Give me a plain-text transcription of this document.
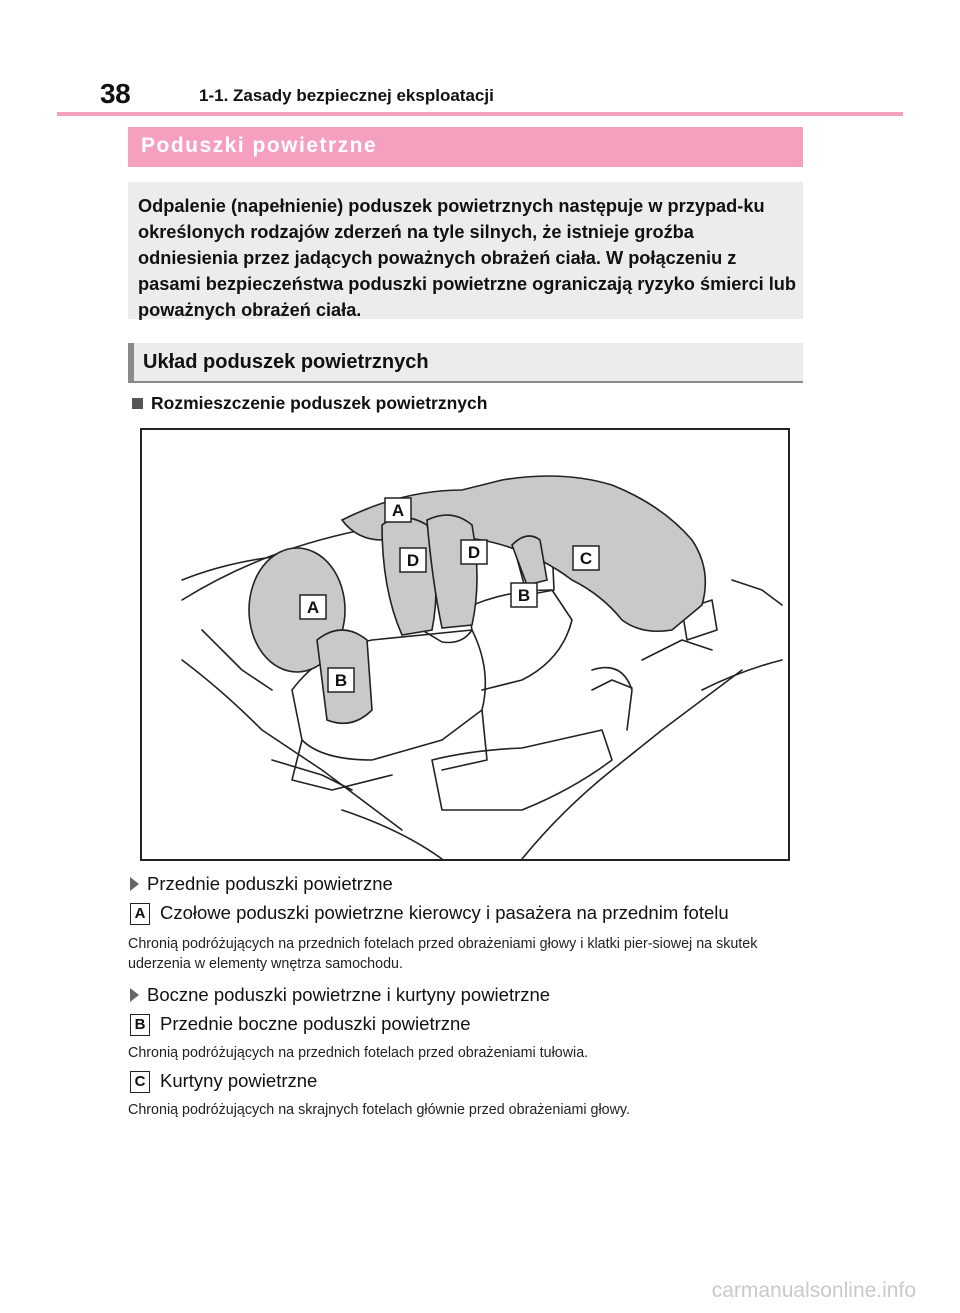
38	1-1. Zasady bezpiecznej eksploatacji
Poduszki powietrzne

Odpalenie (napełnienie) poduszek powietrznych następuje w przypad-ku określonych rodzajów zderzeń na tyle silnych, że istnieje groźba odniesienia przez jadących poważnych obrażeń ciała. W połączeniu z pasami bezpieczeństwa poduszki powietrzne ograniczają ryzyko śmierci lub poważnych obrażeń ciała.

Układ poduszek powietrznych
Rozmieszczenie poduszek powietrznych
A
A
B
B
C
D	D
Przednie poduszki powietrzne
A Czołowe poduszki powietrzne kierowcy i pasażera na przednim fotelu

Chronią podróżujących na przednich fotelach przed obrażeniami głowy i klatki pier-siowej na skutek uderzenia w elementy wnętrza samochodu.

Boczne poduszki powietrzne i kurtyny powietrzne
B Przednie boczne poduszki powietrzne

Chronią podróżujących na przednich fotelach przed obrażeniami tułowia.

C Kurtyny powietrzne

Chronią podróżujących na skrajnych fotelach głównie przed obrażeniami głowy.

carmanualsonline.info
